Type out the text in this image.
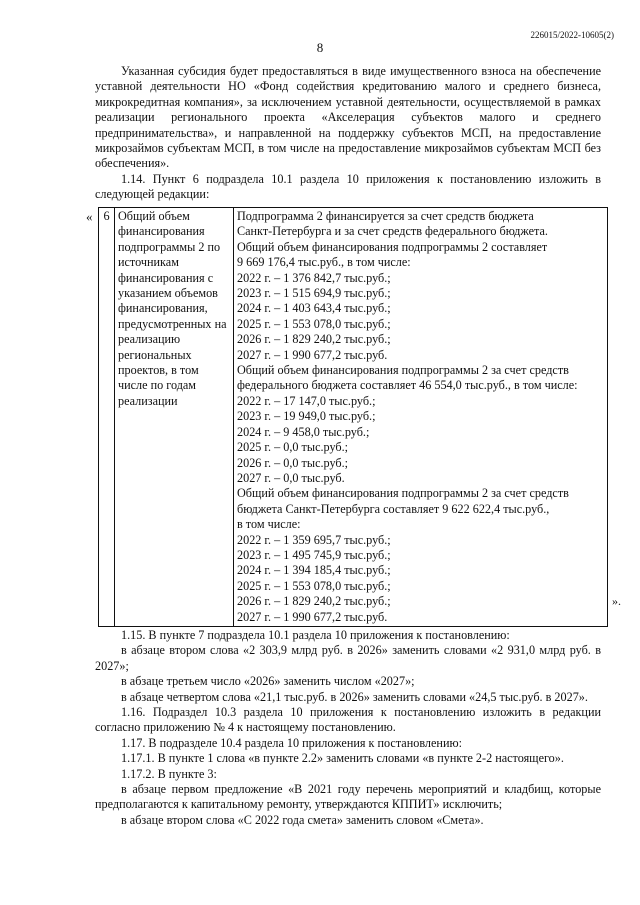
226015/2022-10605(2)
8

Указанная субсидия будет предоставляться в виде имущественного взноса на обеспечение уставной деятельности НО «Фонд содействия кредитованию малого и среднего бизнеса, микрокредитная компания», за исключением уставной деятельности, осуществляемой в рамках реализации регионального проекта «Акселерация субъектов малого и среднего предпринимательства», и направленной на поддержку субъектов МСП, на предоставление микрозаймов субъектам МСП, в том числе на предоставление микрозаймов субъектам МСП без обеспечения».

1.14. Пункт 6 подраздела 10.1 раздела 10 приложения к постановлению изложить в следующей редакции:

« 6	Общий объем финансирования подпрограммы 2 по источникам финансирования с указанием объемов финансирования, предусмотренных на реализацию региональных проектов, в том числе по годам реализации	
Подпрограмма 2 финансируется за счет средств бюджета
Санкт-Петербурга и за счет средств федерального бюджета.
Общий объем финансирования подпрограммы 2 составляет
9 669 176,4 тыс.руб., в том числе:
2022 г. – 1 376 842,7 тыс.руб.;
2023 г. – 1 515 694,9 тыс.руб.;
2024 г. – 1 403 643,4 тыс.руб.;
2025 г. – 1 553 078,0 тыс.руб.;
2026 г. – 1 829 240,2 тыс.руб.;
2027 г. – 1 990 677,2 тыс.руб.
Общий объем финансирования подпрограммы 2 за счет средств
федерального бюджета составляет 46 554,0 тыс.руб., в том числе:
2022 г. – 17 147,0 тыс.руб.;
2023 г. – 19 949,0 тыс.руб.;
2024 г. – 9 458,0 тыс.руб.;
2025 г. – 0,0 тыс.руб.;
2026 г. – 0,0 тыс.руб.;
2027 г. – 0,0 тыс.руб.
Общий объем финансирования подпрограммы 2 за счет средств
бюджета Санкт-Петербурга составляет 9 622 622,4 тыс.руб.,
в том числе:
2022 г. – 1 359 695,7 тыс.руб.;
2023 г. – 1 495 745,9 тыс.руб.;
2024 г. – 1 394 185,4 тыс.руб.;
2025 г. – 1 553 078,0 тыс.руб.;
2026 г. – 1 829 240,2 тыс.руб.;
2027 г. – 1 990 677,2 тыс.руб.
».

1.15. В пункте 7 подраздела 10.1 раздела 10 приложения к постановлению:

в абзаце втором слова «2 303,9 млрд руб. в 2026» заменить словами «2 931,0 млрд руб. в 2027»;

в абзаце третьем число «2026» заменить числом «2027»;

в абзаце четвертом слова «21,1 тыс.руб. в 2026» заменить словами «24,5 тыс.руб. в 2027».

1.16. Подраздел 10.3 раздела 10 приложения к постановлению изложить в редакции согласно приложению № 4 к настоящему постановлению.

1.17. В подразделе 10.4 раздела 10 приложения к постановлению:

1.17.1. В пункте 1 слова «в пункте 2.2» заменить словами «в пункте 2-2 настоящего».

1.17.2. В пункте 3:

в абзаце первом предложение «В 2021 году перечень мероприятий и кладбищ, которые предполагаются к капитальному ремонту, утверждаются КППИТ» исключить;

в абзаце втором слова «С 2022 года смета» заменить словом «Смета».
